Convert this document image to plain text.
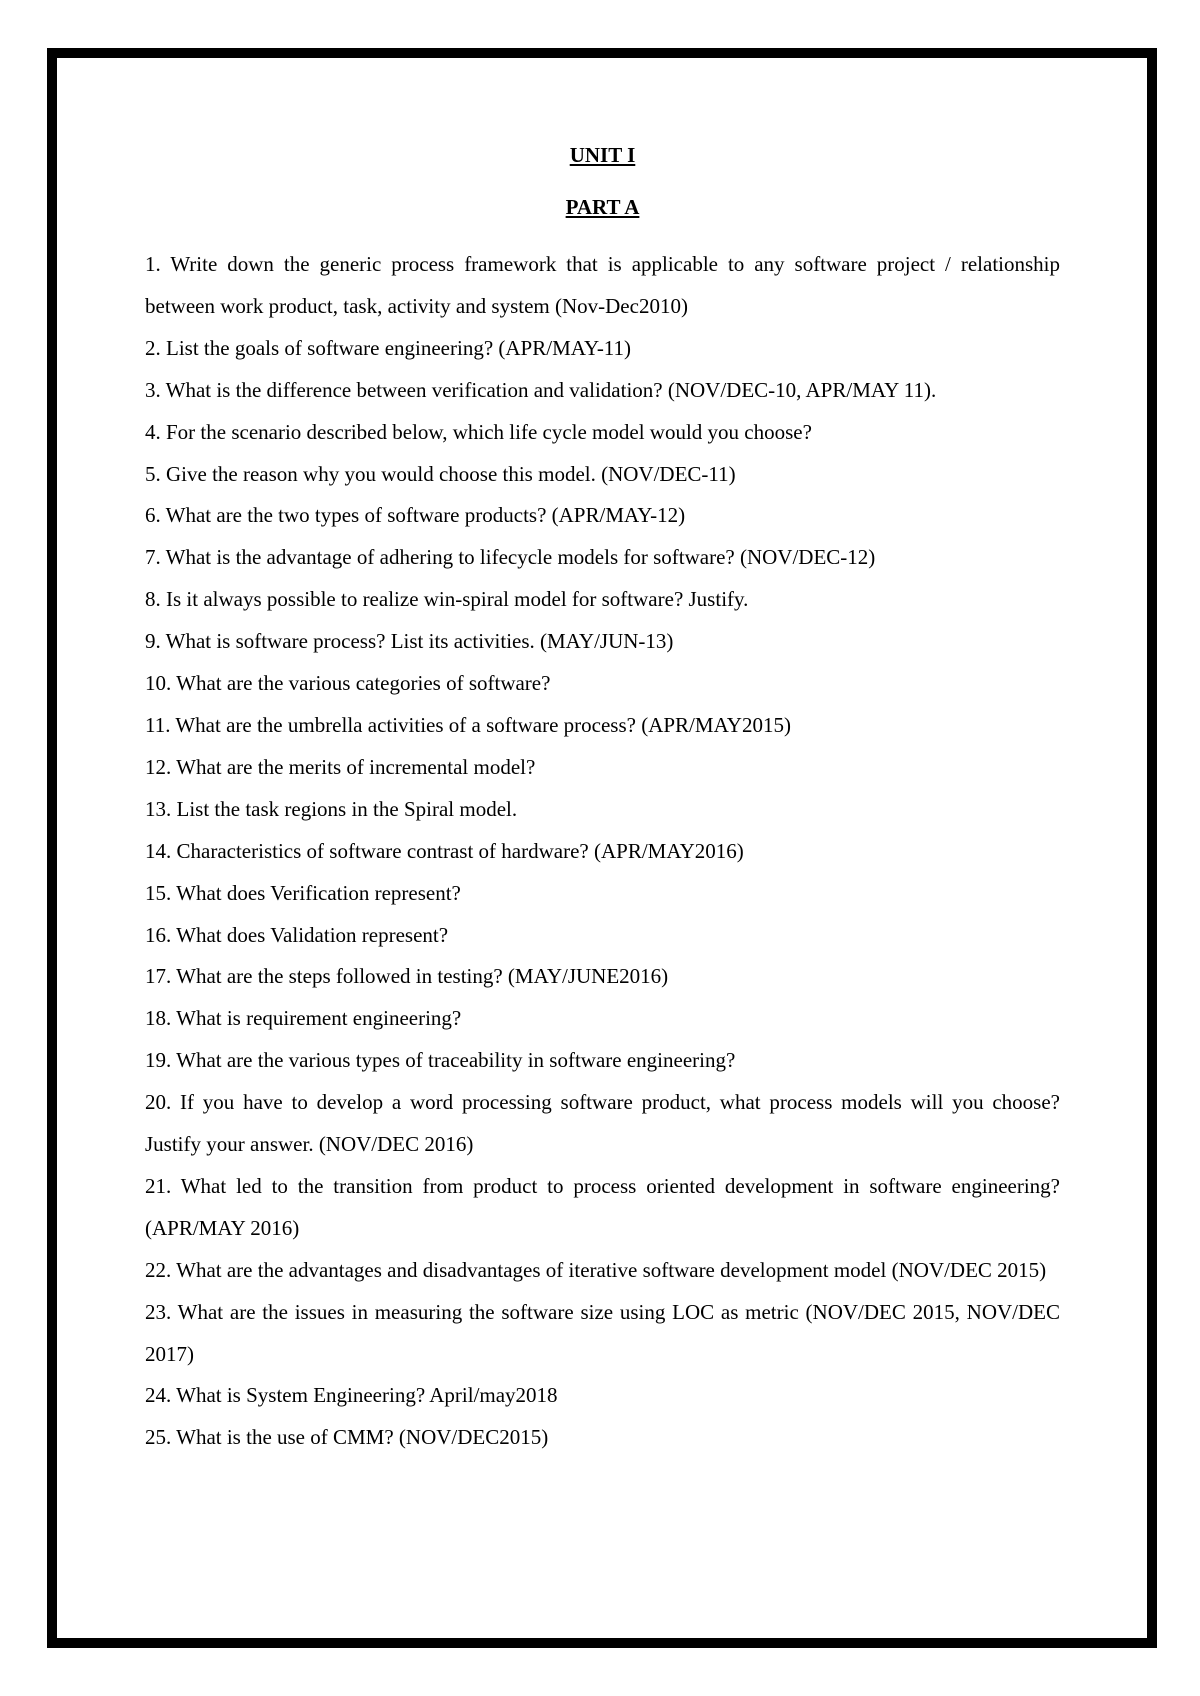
UNIT I
PART A
1. Write down the generic process framework that is applicable to any software project / relationship between work product, task, activity and system (Nov-Dec2010)
2. List the goals of software engineering? (APR/MAY-11)
3. What is the difference between verification and validation? (NOV/DEC-10, APR/MAY 11).
4. For the scenario described below, which life cycle model would you choose?
5. Give the reason why you would choose this model. (NOV/DEC-11)
6. What are the two types of software products? (APR/MAY-12)
7. What is the advantage of adhering to lifecycle models for software? (NOV/DEC-12)
8. Is it always possible to realize win-spiral model for software? Justify.
9. What is software process? List its activities. (MAY/JUN-13)
10. What are the various categories of software?
11. What are the umbrella activities of a software process? (APR/MAY2015)
12. What are the merits of incremental model?
13. List the task regions in the Spiral model.
14. Characteristics of software contrast of hardware? (APR/MAY2016)
15. What does Verification represent?
16. What does Validation represent?
17. What are the steps followed in testing? (MAY/JUNE2016)
18. What is requirement engineering?
19. What are the various types of traceability in software engineering?
20. If you have to develop a word processing software product, what process models will you choose? Justify your answer. (NOV/DEC 2016)
21. What led to the transition from product to process oriented development in software engineering? (APR/MAY 2016)
22. What are the advantages and disadvantages of iterative software development model (NOV/DEC 2015)
23. What are the issues in measuring the software size using LOC as metric (NOV/DEC 2015, NOV/DEC 2017)
24. What is System Engineering? April/may2018
25. What is the use of CMM? (NOV/DEC2015)
